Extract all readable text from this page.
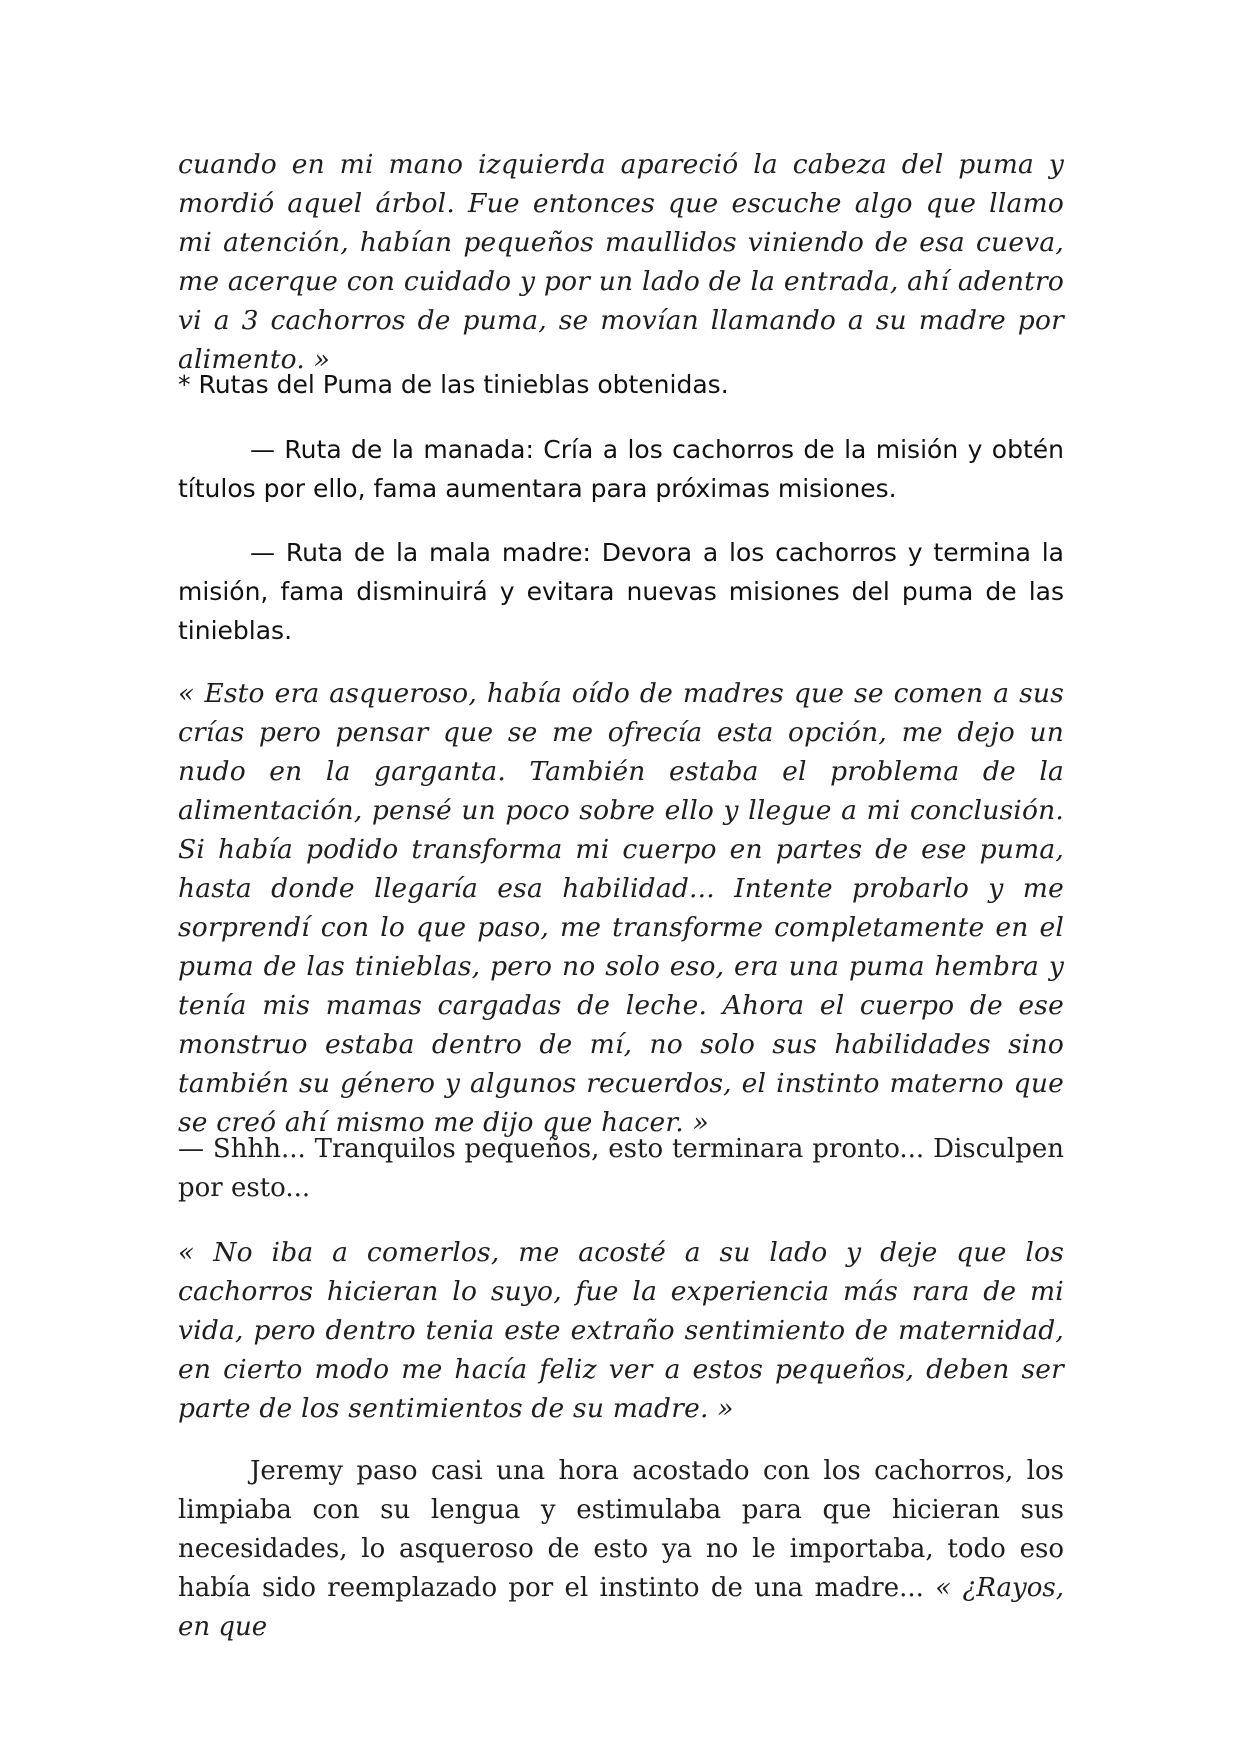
cuando en mi mano izquierda apareció la cabeza del puma y mordió aquel árbol. Fue entonces que escuche algo que llamo mi atención, habían pequeños maullidos viniendo de esa cueva, me acerque con cuidado y por un lado de la entrada, ahí adentro vi a 3 cachorros de puma, se movían llamando a su madre por alimento. »

* Rutas del Puma de las tinieblas obtenidas.

— Ruta de la manada: Cría a los cachorros de la misión y obtén títulos por ello, fama aumentara para próximas misiones.

— Ruta de la mala madre: Devora a los cachorros y termina la misión, fama disminuirá y evitara nuevas misiones del puma de las tinieblas.

« Esto era asqueroso, había oído de madres que se comen a sus crías pero pensar que se me ofrecía esta opción, me dejo un nudo en la garganta. También estaba el problema de la alimentación, pensé un poco sobre ello y llegue a mi conclusión. Si había podido transforma mi cuerpo en partes de ese puma, hasta donde llegaría esa habilidad... Intente probarlo y me sorprendí con lo que paso, me transforme completamente en el puma de las tinieblas, pero no solo eso, era una puma hembra y tenía mis mamas cargadas de leche. Ahora el cuerpo de ese monstruo estaba dentro de mí, no solo sus habilidades sino también su género y algunos recuerdos, el instinto materno que se creó ahí mismo me dijo que hacer. »

— Shhh... Tranquilos pequeños, esto terminara pronto... Disculpen por esto...

« No iba a comerlos, me acosté a su lado y deje que los cachorros hicieran lo suyo, fue la experiencia más rara de mi vida, pero dentro tenia este extraño sentimiento de maternidad, en cierto modo me hacía feliz ver a estos pequeños, deben ser parte de los sentimientos de su madre. »

Jeremy paso casi una hora acostado con los cachorros, los limpiaba con su lengua y estimulaba para que hicieran sus necesidades, lo asqueroso de esto ya no le importaba, todo eso había sido reemplazado por el instinto de una madre... « ¿Rayos, en que
